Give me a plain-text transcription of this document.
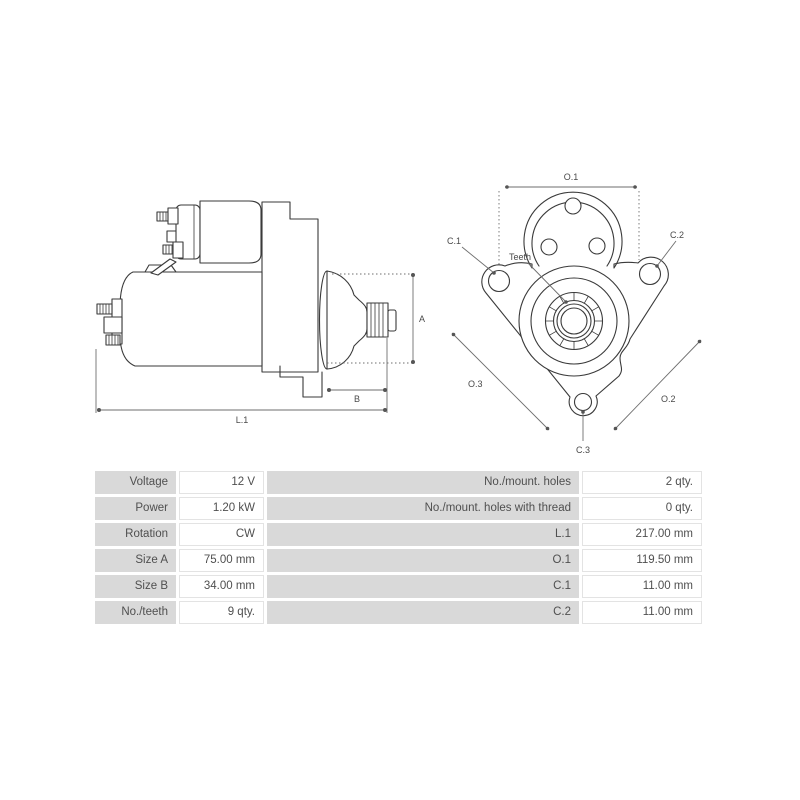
A
B
L.1
O.1
Teeth
C.1
C.2
O.3
O.2
C.3
Voltage	12 V	No./mount. holes	2 qty.
Power	1.20 kW	No./mount. holes with thread	0 qty.
Rotation	CW	L.1	217.00 mm
Size A	75.00 mm	O.1	119.50 mm
Size B	34.00 mm	C.1	11.00 mm
No./teeth	9 qty.	C.2	11.00 mm
